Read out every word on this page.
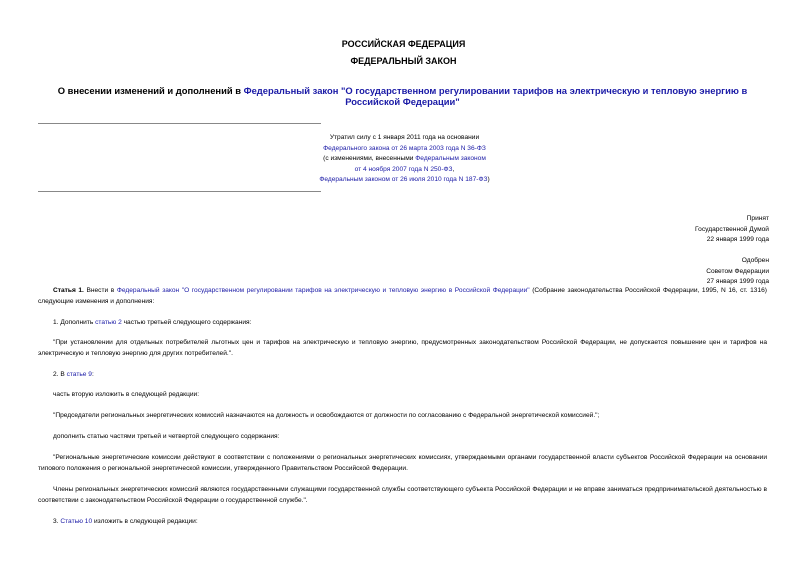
РОССИЙСКАЯ ФЕДЕРАЦИЯ
ФЕДЕРАЛЬНЫЙ ЗАКОН
О внесении изменений и дополнений в Федеральный закон "О государственном регулировании тарифов на электрическую и тепловую энергию в Российской Федерации"
Утратил силу с 1 января 2011 года на основании
Федерального закона от 26 марта 2003 года N 36-ФЗ
(с изменениями, внесенными Федеральным законом
от 4 ноября 2007 года N 250-ФЗ,
Федеральным законом от 26 июля 2010 года N 187-ФЗ)
Принят
Государственной Думой
22 января 1999 года
Одобрен
Советом Федерации
27 января 1999 года
Статья 1. Внести в Федеральный закон "О государственном регулировании тарифов на электрическую и тепловую энергию в Российской Федерации" (Собрание законодательства Российской Федерации, 1995, N 16, ст. 1316) следующие изменения и дополнения:
1. Дополнить статью 2 частью третьей следующего содержания:
"При установлении для отдельных потребителей льготных цен и тарифов на электрическую и тепловую энергию, предусмотренных законодательством Российской Федерации, не допускается повышение цен и тарифов на электрическую и тепловую энергию для других потребителей.".
2. В статье 9:
часть вторую изложить в следующей редакции:
"Председатели региональных энергетических комиссий назначаются на должность и освобождаются от должности по согласованию с Федеральной энергетической комиссией.";
дополнить статью частями третьей и четвертой следующего содержания:
"Региональные энергетические комиссии действуют в соответствии с положениями о региональных энергетических комиссиях, утверждаемыми органами государственной власти субъектов Российской Федерации на основании типового положения о региональной энергетической комиссии, утвержденного Правительством Российской Федерации.
Члены региональных энергетических комиссий являются государственными служащими государственной службы соответствующего субъекта Российской Федерации и не вправе заниматься предпринимательской деятельностью в соответствии с законодательством Российской Федерации о государственной службе.".
3. Статью 10 изложить в следующей редакции:
